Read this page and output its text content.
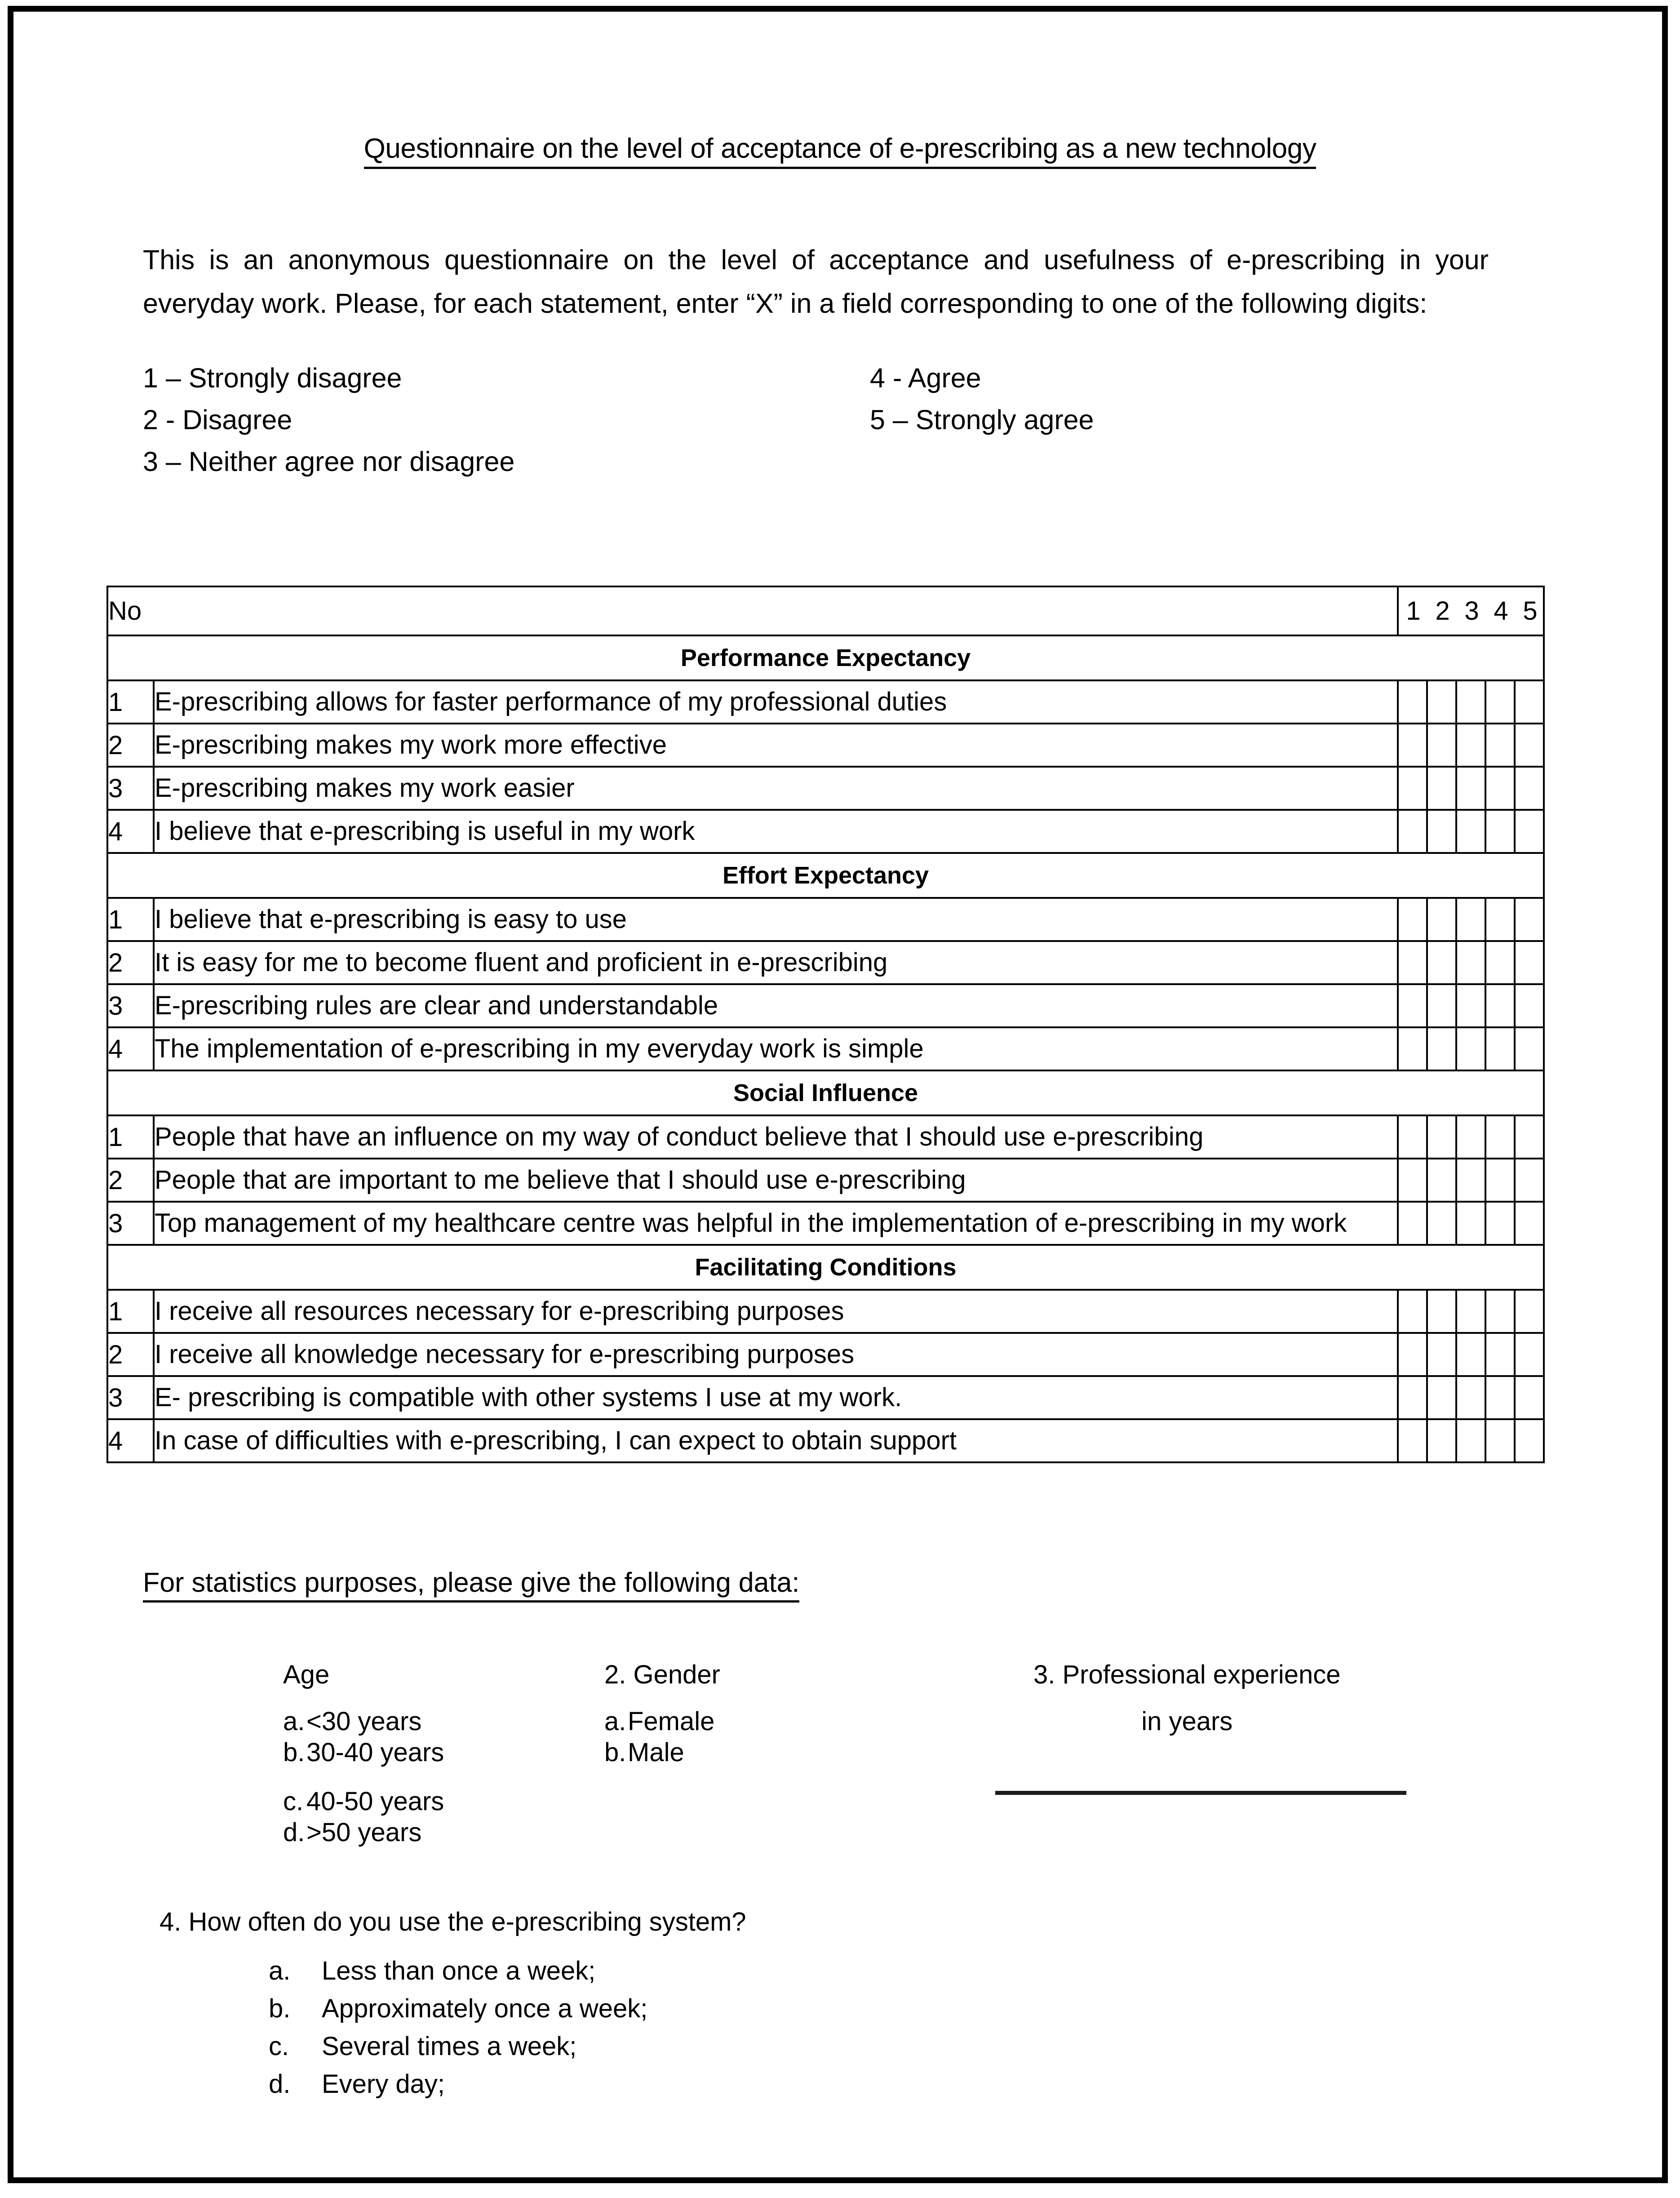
Questionnaire on the level of acceptance of e-prescribing as a new technology
This is an anonymous questionnaire on the level of acceptance and usefulness of e-prescribing in your everyday work. Please, for each statement, enter “X” in a field corresponding to one of the following digits:
1 – Strongly disagree	4 - Agree
2 - Disagree	5 – Strongly agree
3 – Neither agree nor disagree
No		1 2 3 4 5				
Performance Expectancy						
1	E-prescribing allows for faster performance of my professional duties					
2	E-prescribing makes my work more effective					
3	E-prescribing makes my work easier					
4	I believe that e-prescribing is useful in my work					
Effort Expectancy						
1	I believe that e-prescribing is easy to use					
2	It is easy for me to become fluent and proficient in e-prescribing					
3	E-prescribing rules are clear and understandable					
4	The implementation of e-prescribing in my everyday work is simple					
Social Influence						
1	People that have an influence on my way of conduct believe that I should use e-prescribing					
2	People that are important to me believe that I should use e-prescribing					
3	Top management of my healthcare centre was helpful in the implementation of e-prescribing in my work					
Facilitating Conditions						
1	I receive all resources necessary for e-prescribing purposes					
2	I receive all knowledge necessary for e-prescribing purposes					
3	E- prescribing is compatible with other systems I use at my work.					
4	In case of difficulties with e-prescribing, I can expect to obtain support					
For statistics purposes, please give the following data:
Age
a.<30 years
b.30-40 years
c. 40-50 years
d.>50 years
2. Gender
a.Female
b.Male
3. Professional experience
in years
4. How often do you use the e-prescribing system?
a. Less than once a week;
b. Approximately once a week;
c. Several times a week;
d. Every day;
